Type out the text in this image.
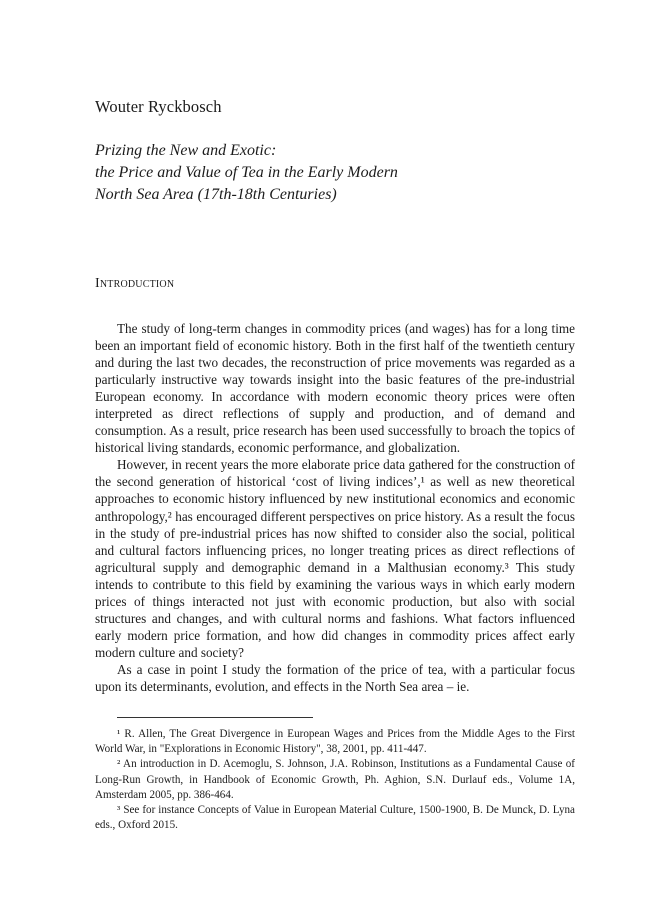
Wouter Ryckbosch
Prizing the New and Exotic:
the Price and Value of Tea in the Early Modern
North Sea Area (17th-18th Centuries)
Introduction

The study of long-term changes in commodity prices (and wages) has for a long time been an important field of economic history. Both in the first half of the twentieth century and during the last two decades, the reconstruction of price movements was regarded as a particularly instructive way towards insight into the basic features of the pre-industrial European economy. In accordance with modern economic theory prices were often interpreted as direct reflections of supply and production, and of demand and consumption. As a result, price research has been used successfully to broach the topics of historical living standards, economic performance, and globalization.

However, in recent years the more elaborate price data gathered for the construction of the second generation of historical ‘cost of living indices’,¹ as well as new theoretical approaches to economic history influenced by new institutional economics and economic anthropology,² has encouraged different perspectives on price history. As a result the focus in the study of pre-industrial prices has now shifted to consider also the social, political and cultural factors influencing prices, no longer treating prices as direct reflections of agricultural supply and demographic demand in a Malthusian economy.³ This study intends to contribute to this field by examining the various ways in which early modern prices of things interacted not just with economic production, but also with social structures and changes, and with cultural norms and fashions. What factors influenced early modern price formation, and how did changes in commodity prices affect early modern culture and society?

As a case in point I study the formation of the price of tea, with a particular focus upon its determinants, evolution, and effects in the North Sea area – ie.

¹ R. Allen, The Great Divergence in European Wages and Prices from the Middle Ages to the First World War, in "Explorations in Economic History", 38, 2001, pp. 411-447.

² An introduction in D. Acemoglu, S. Johnson, J.A. Robinson, Institutions as a Fundamental Cause of Long-Run Growth, in Handbook of Economic Growth, Ph. Aghion, S.N. Durlauf eds., Volume 1A, Amsterdam 2005, pp. 386-464.

³ See for instance Concepts of Value in European Material Culture, 1500-1900, B. De Munck, D. Lyna eds., Oxford 2015.
